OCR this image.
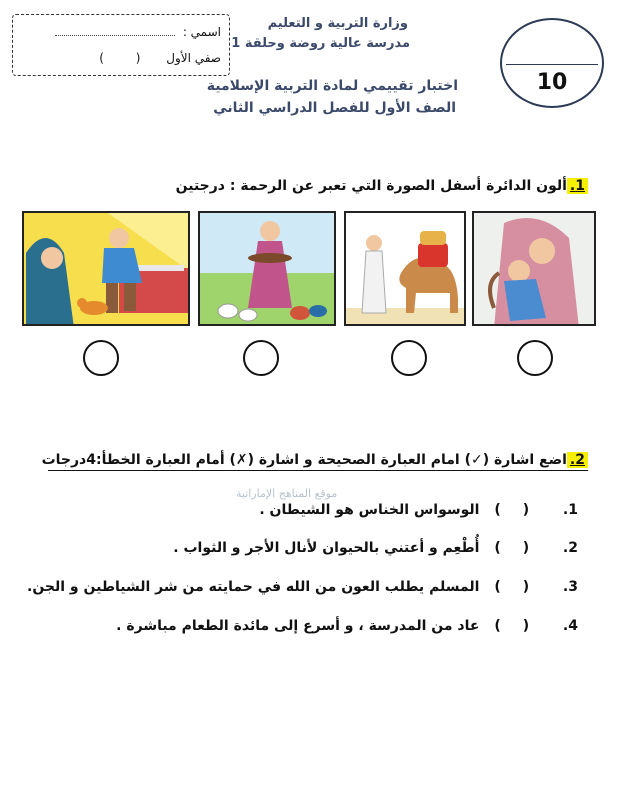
اسمي :
صفي الأول ( )
وزارة التربية و التعليم
مدرسة عالية روضة وحلقة 1
اختبار تقييمي لمادة التربية الإسلامية
الصف الأول للفصل الدراسي الثاني
10
1.ألون الدائرة أسفل الصورة التي تعبر عن الرحمة : درجتين
2.اضع اشارة (✓) امام العبارة الصحيحة و اشارة (✗) أمام العبارة الخطأ:4درجات
موقع المناهج الإماراتية
1. () الوسواس الخناس هو الشيطان .
2. () أُطْعِم و أعتني بالحيوان لأنال الأجر و الثواب .
3. () المسلم يطلب العون من الله في حمايته من شر الشياطين و الجن.
4. () عاد من المدرسة ، و أسرع إلى مائدة الطعام مباشرة .
